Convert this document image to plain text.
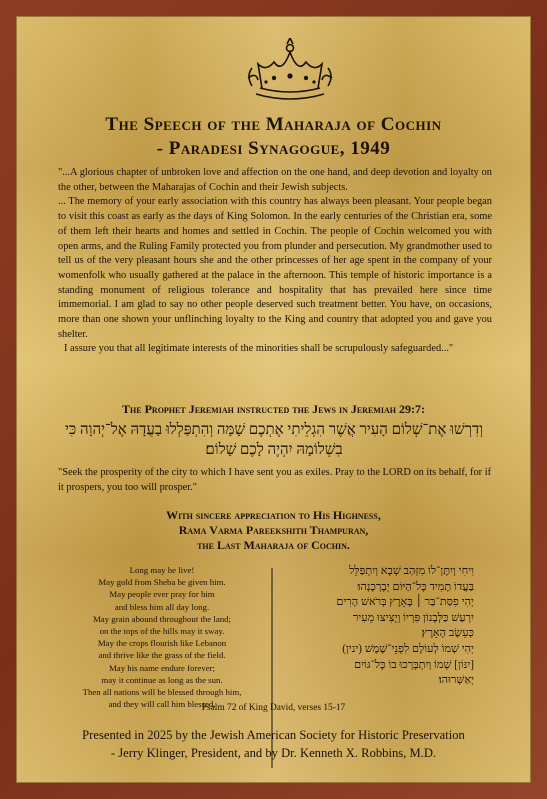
The Speech of the Maharaja of Cochin
- Paradesi Synagogue, 1949

"...A glorious chapter of unbroken love and affection on the one hand, and deep devotion and loyalty on the other, between the Maharajas of Cochin and their Jewish subjects.

... The memory of your early association with this country has always been pleasant. Your people began to visit this coast as early as the days of King Solomon. In the early centuries of the Christian era, some of them left their hearts and homes and settled in Cochin. The people of Cochin welcomed you with open arms, and the Ruling Family protected you from plunder and persecution. My grandmother used to tell us of the very pleasant hours she and the other princesses of her age spent in the company of your womenfolk who usually gathered at the palace in the afternoon. This temple of historic importance is a standing monument of religious tolerance and hospitality that has prevailed here since time immemorial. I am glad to say no other people deserved such treatment better. You have, on occasions, more than one shown your unflinching loyalty to the King and country that adopted you and gave you shelter.

I assure you that all legitimate interests of the minorities shall be scrupulously safeguarded..."

The Prophet Jeremiah instructed the Jews in Jeremiah 29:7:
וְדִרְשׁוּ אֶת־שְׁלוֹם הָעִיר אֲשֶׁר הִגְלֵיתִי אֶתְכֶם שָׁמָּה וְהִתְפַּלְלוּ בַעֲדָהּ אֶל־יְהוָה כִּי בִשְׁלוֹמָהּ יִהְיֶה לָכֶם שָׁלוֹם׃
"Seek the prosperity of the city to which I have sent you as exiles. Pray to the LORD on its behalf, for if it prospers, you too will prosper."
With sincere appreciation to His Highness,
Rama Varma Pareekshith Thampuran,
the Last Maharaja of Cochin.
Long may he live!
May gold from Sheba be given him.
May people ever pray for him
and bless him all day long.
May grain abound throughout the land;
on the tops of the hills may it sway.
May the crops flourish like Lebanon
and thrive like the grass of the field.
May his name endure forever;
may it continue as long as the sun.
Then all nations will be blessed through him,
and they will call him blessed.
וִיחִי וְיִתֶּן־לוֹ מִזְּהַב שְׁבָא וְיִתְפַּלֵּל
בַּעֲדוֹ תָמִיד כָּל־הַיּוֹם יְבָרְכֶנְהוּ׃
יְהִי פִסַּת־בַּר ׀ בָּאָרֶץ בְּרֹאשׁ הָרִים
יִרְעַשׁ כַּלְּבָנוֹן פִּרְיוֹ וְיָצִיצוּ מֵעִיר
כְּעֵשֶׂב הָאָרֶץ׃
יְהִי שְׁמוֹ לְעוֹלָם לִפְנֵי־שֶׁמֶשׁ (ינין)
[יִנּוֹן] שְׁמוֹ וְיִתְבָּרְכוּ בוֹ כָּל־גּוֹיִם
יְאַשְּׁרוּהוּ׃
Psalm 72 of King David, verses 15-17
Presented in 2025 by the Jewish American Society for Historic Preservation
- Jerry Klinger, President, and by Dr. Kenneth X. Robbins, M.D.
